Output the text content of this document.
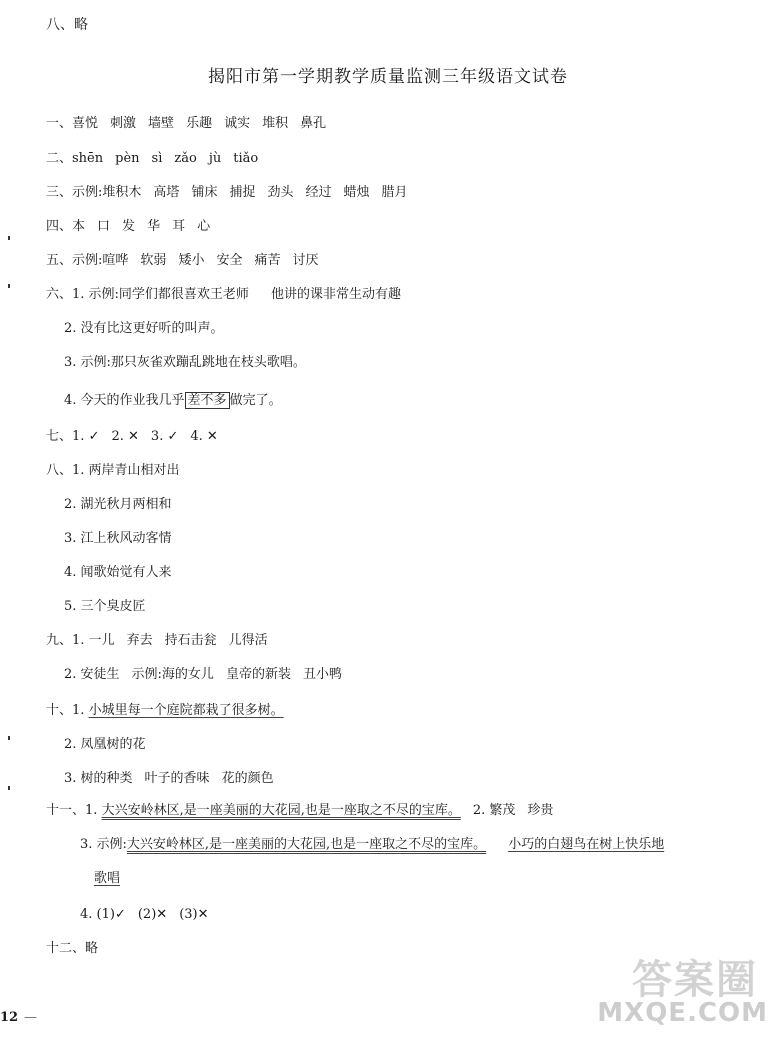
八、略
揭阳市第一学期教学质量监测三年级语文试卷
一、喜悦 刺激 墙壁 乐趣 诚实 堆积 鼻孔
二、shēn pèn sì zǎo jù tiǎo
三、示例:堆积木 高塔 铺床 捕捉 劲头 经过 蜡烛 腊月
四、本 口 发 华 耳 心
五、示例:喧哗 软弱 矮小 安全 痛苦 讨厌
六、1. 示例:同学们都很喜欢王老师 他讲的课非常生动有趣
2. 没有比这更好听的叫声。
3. 示例:那只灰雀欢蹦乱跳地在枝头歌唱。
4. 今天的作业我几乎 差不多 做完了。
七、1. ✓ 2. ✕ 3. ✓ 4. ✕
八、1. 两岸青山相对出
2. 湖光秋月两相和
3. 江上秋风动客情
4. 闻歌始觉有人来
5. 三个臭皮匠
九、1. 一儿 弃去 持石击瓮 儿得活
2. 安徒生 示例:海的女儿 皇帝的新装 丑小鸭
十、1. 小城里每一个庭院都栽了很多树。
2. 凤凰树的花
3. 树的种类 叶子的香味 花的颜色
十一、1. 大兴安岭林区,是一座美丽的大花园,也是一座取之不尽的宝库。 2. 繁茂 珍贵
3. 示例:大兴安岭林区,是一座美丽的大花园,也是一座取之不尽的宝库。 小巧的白翅鸟在树上快乐地
歌唱
4. (1)✓ (2)✕ (3)✕
十二、略
12 —
答案圈
MXQE.COM
